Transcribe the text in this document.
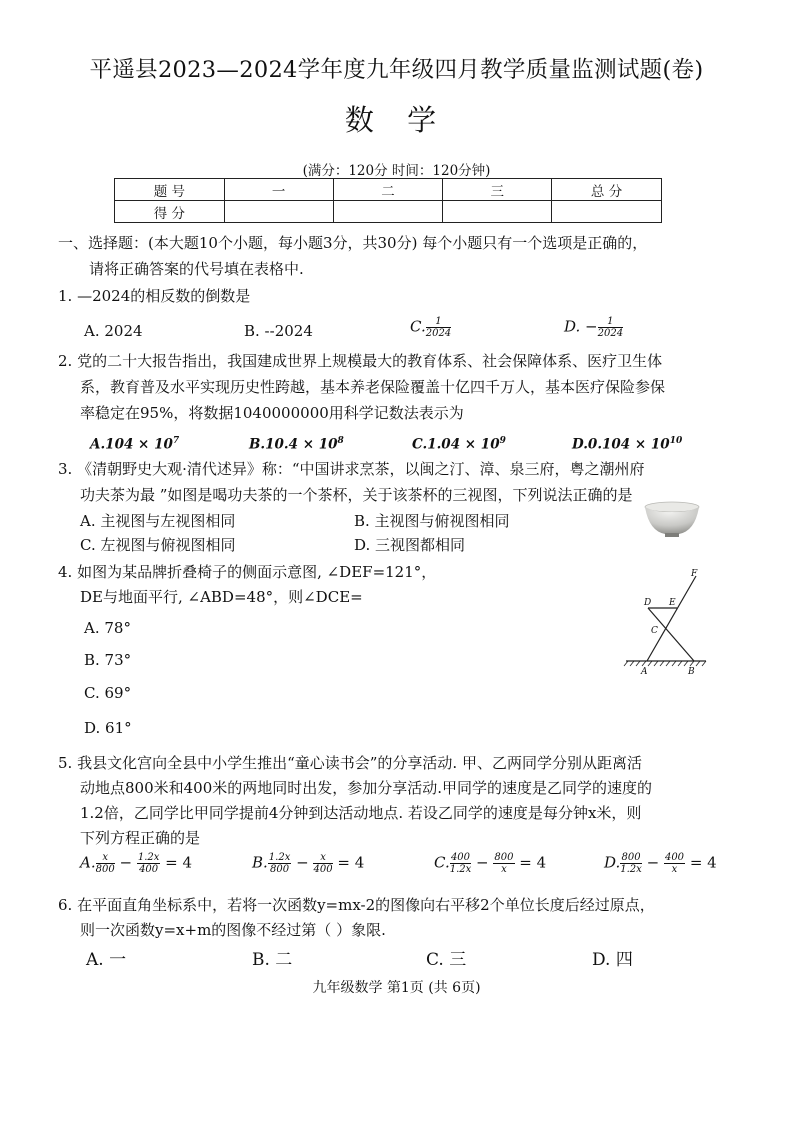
平遥县2023—2024学年度九年级四月教学质量监测试题(卷)
数 学
(满分：120分 时间：120分钟)
题 号	一	二	三	总 分
得 分				
一、选择题：(本大题10个小题，每小题3分，共30分) 每个小题只有一个选项是正确的，
请将正确答案的代号填在表格中.
1. —2024的相反数的倒数是
A. 2024	B. --2024	C. $\frac{1}{2024}$	D. − $\frac{1}{2024}$
2. 党的二十大报告指出，我国建成世界上规模最大的教育体系、社会保障体系、医疗卫生体
系，教育普及水平实现历史性跨越，基本养老保险覆盖十亿四千万人，基本医疗保险参保
率稳定在95%，将数据1040000000用科学记数法表示为
$A.104 \times 10^7$	$B.10.4 \times 10^8$	$C.1.04 \times 10^9$	$D.0.104 \times 10^{10}$
3. 《清朝野史大观·清代述异》称：“中国讲求烹茶，以闽之汀、漳、泉三府，粤之潮州府
功夫茶为最 ”如图是喝功夫茶的一个茶杯，关于该茶杯的三视图，下列说法正确的是
A. 主视图与左视图相同	B. 主视图与俯视图相同
C. 左视图与俯视图相同	D. 三视图都相同
4. 如图为某品牌折叠椅子的侧面示意图, ∠DEF=121°，
DE与地面平行, ∠ABD=48°，则∠DCE=
A. 78°
B. 73°
C. 69°
D. 61°
F
D E
C
A	B
5. 我县文化宫向全县中小学生推出“童心读书会”的分享活动. 甲、乙两同学分别从距离活
动地点800米和400米的两地同时出发，参加分享活动.甲同学的速度是乙同学的速度的
1.2倍，乙同学比甲同学提前4分钟到达活动地点. 若设乙同学的速度是每分钟x米，则
下列方程正确的是
A. $\frac{x}{800} - \frac{1.2x}{400} = 4$	B. $\frac{1.2x}{800} - \frac{x}{400} = 4$	C. $\frac{400}{1.2x} - \frac{800}{x} = 4$	D. $\frac{800}{1.2x} - \frac{400}{x} = 4$
6. 在平面直角坐标系中，若将一次函数y=mx-2的图像向右平移2个单位长度后经过原点，
则一次函数y=x+m的图像不经过第（ ）象限.
A. 一	B. 二	C. 三	D. 四
九年级数学 第1页 (共 6页)
